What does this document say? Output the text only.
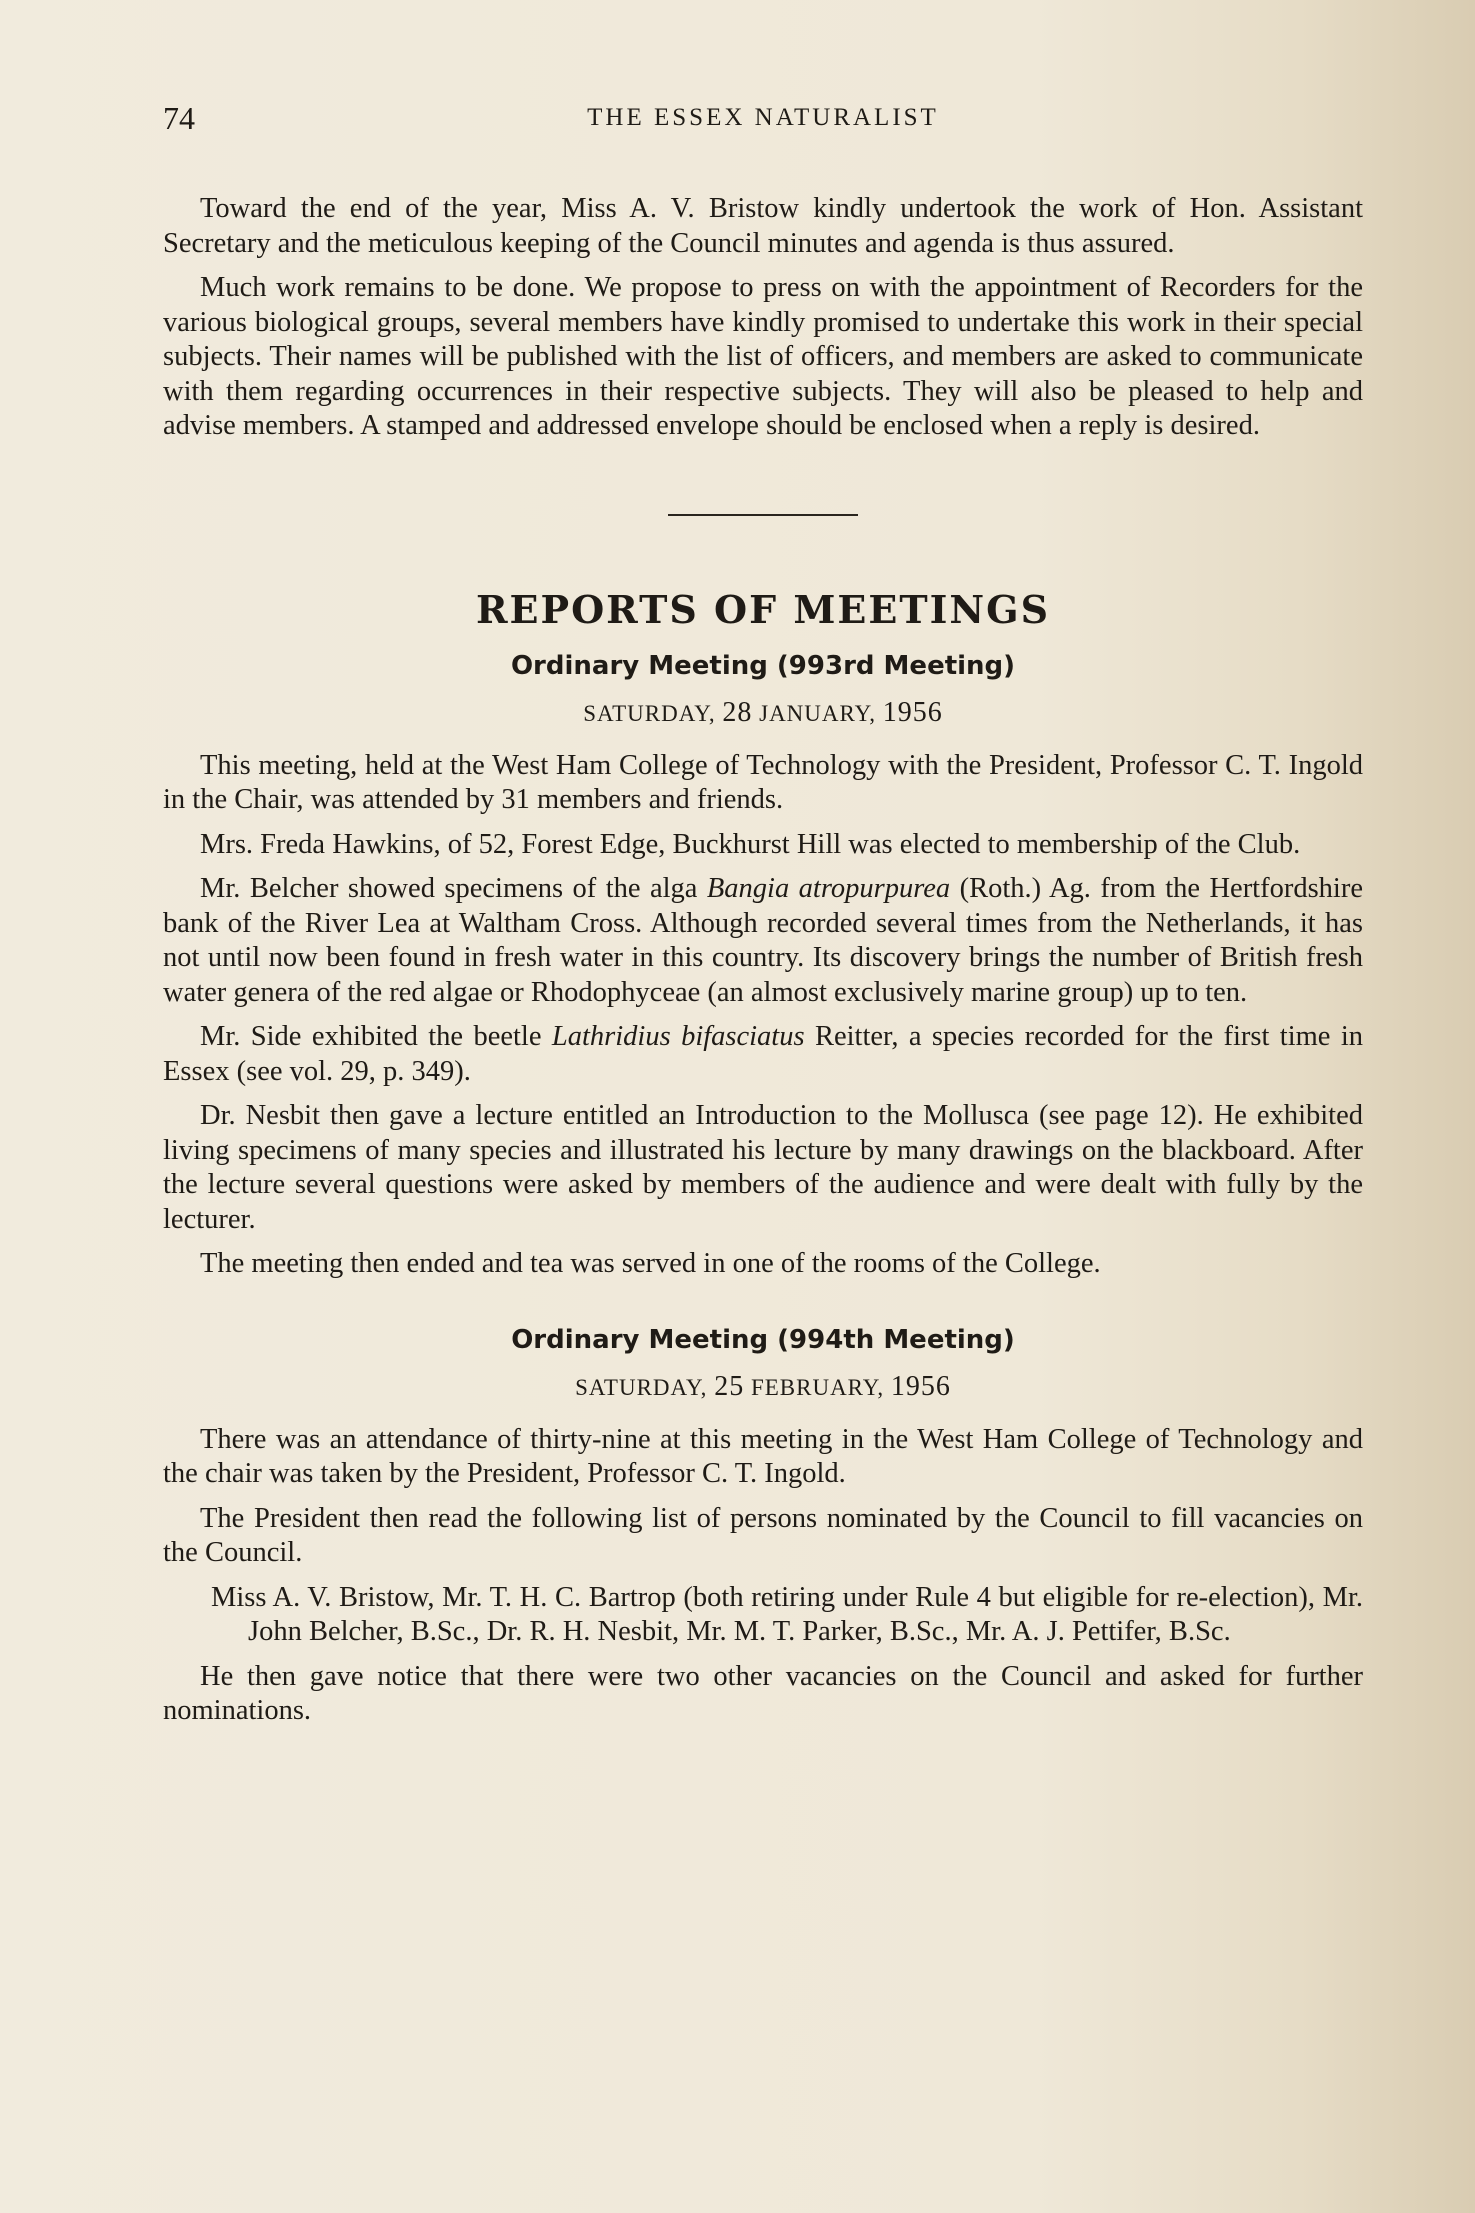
74	THE ESSEX NATURALIST

Toward the end of the year, Miss A. V. Bristow kindly undertook the work of Hon. Assistant Secretary and the meticulous keeping of the Council minutes and agenda is thus assured.

Much work remains to be done. We propose to press on with the appointment of Recorders for the various biological groups, several members have kindly promised to undertake this work in their special subjects. Their names will be published with the list of officers, and members are asked to communicate with them regarding occurrences in their respective subjects. They will also be pleased to help and advise members. A stamped and addressed envelope should be enclosed when a reply is desired.

REPORTS OF MEETINGS
Ordinary Meeting (993rd Meeting)
SATURDAY, 28 JANUARY, 1956

This meeting, held at the West Ham College of Technology with the President, Professor C. T. Ingold in the Chair, was attended by 31 members and friends.

Mrs. Freda Hawkins, of 52, Forest Edge, Buckhurst Hill was elected to membership of the Club.

Mr. Belcher showed specimens of the alga Bangia atropurpurea (Roth.) Ag. from the Hertfordshire bank of the River Lea at Waltham Cross. Although recorded several times from the Netherlands, it has not until now been found in fresh water in this country. Its discovery brings the number of British fresh water genera of the red algae or Rhodophyceae (an almost exclusively marine group) up to ten.

Mr. Side exhibited the beetle Lathridius bifasciatus Reitter, a species recorded for the first time in Essex (see vol. 29, p. 349).

Dr. Nesbit then gave a lecture entitled an Introduction to the Mollusca (see page 12). He exhibited living specimens of many species and illustrated his lecture by many drawings on the blackboard. After the lecture several questions were asked by members of the audience and were dealt with fully by the lecturer.

The meeting then ended and tea was served in one of the rooms of the College.

Ordinary Meeting (994th Meeting)
SATURDAY, 25 FEBRUARY, 1956

There was an attendance of thirty-nine at this meeting in the West Ham College of Technology and the chair was taken by the President, Professor C. T. Ingold.

The President then read the following list of persons nominated by the Council to fill vacancies on the Council.

Miss A. V. Bristow, Mr. T. H. C. Bartrop (both retiring under Rule 4 but eligible for re-election), Mr. John Belcher, B.Sc., Dr. R. H. Nesbit, Mr. M. T. Parker, B.Sc., Mr. A. J. Pettifer, B.Sc.

He then gave notice that there were two other vacancies on the Council and asked for further nominations.
